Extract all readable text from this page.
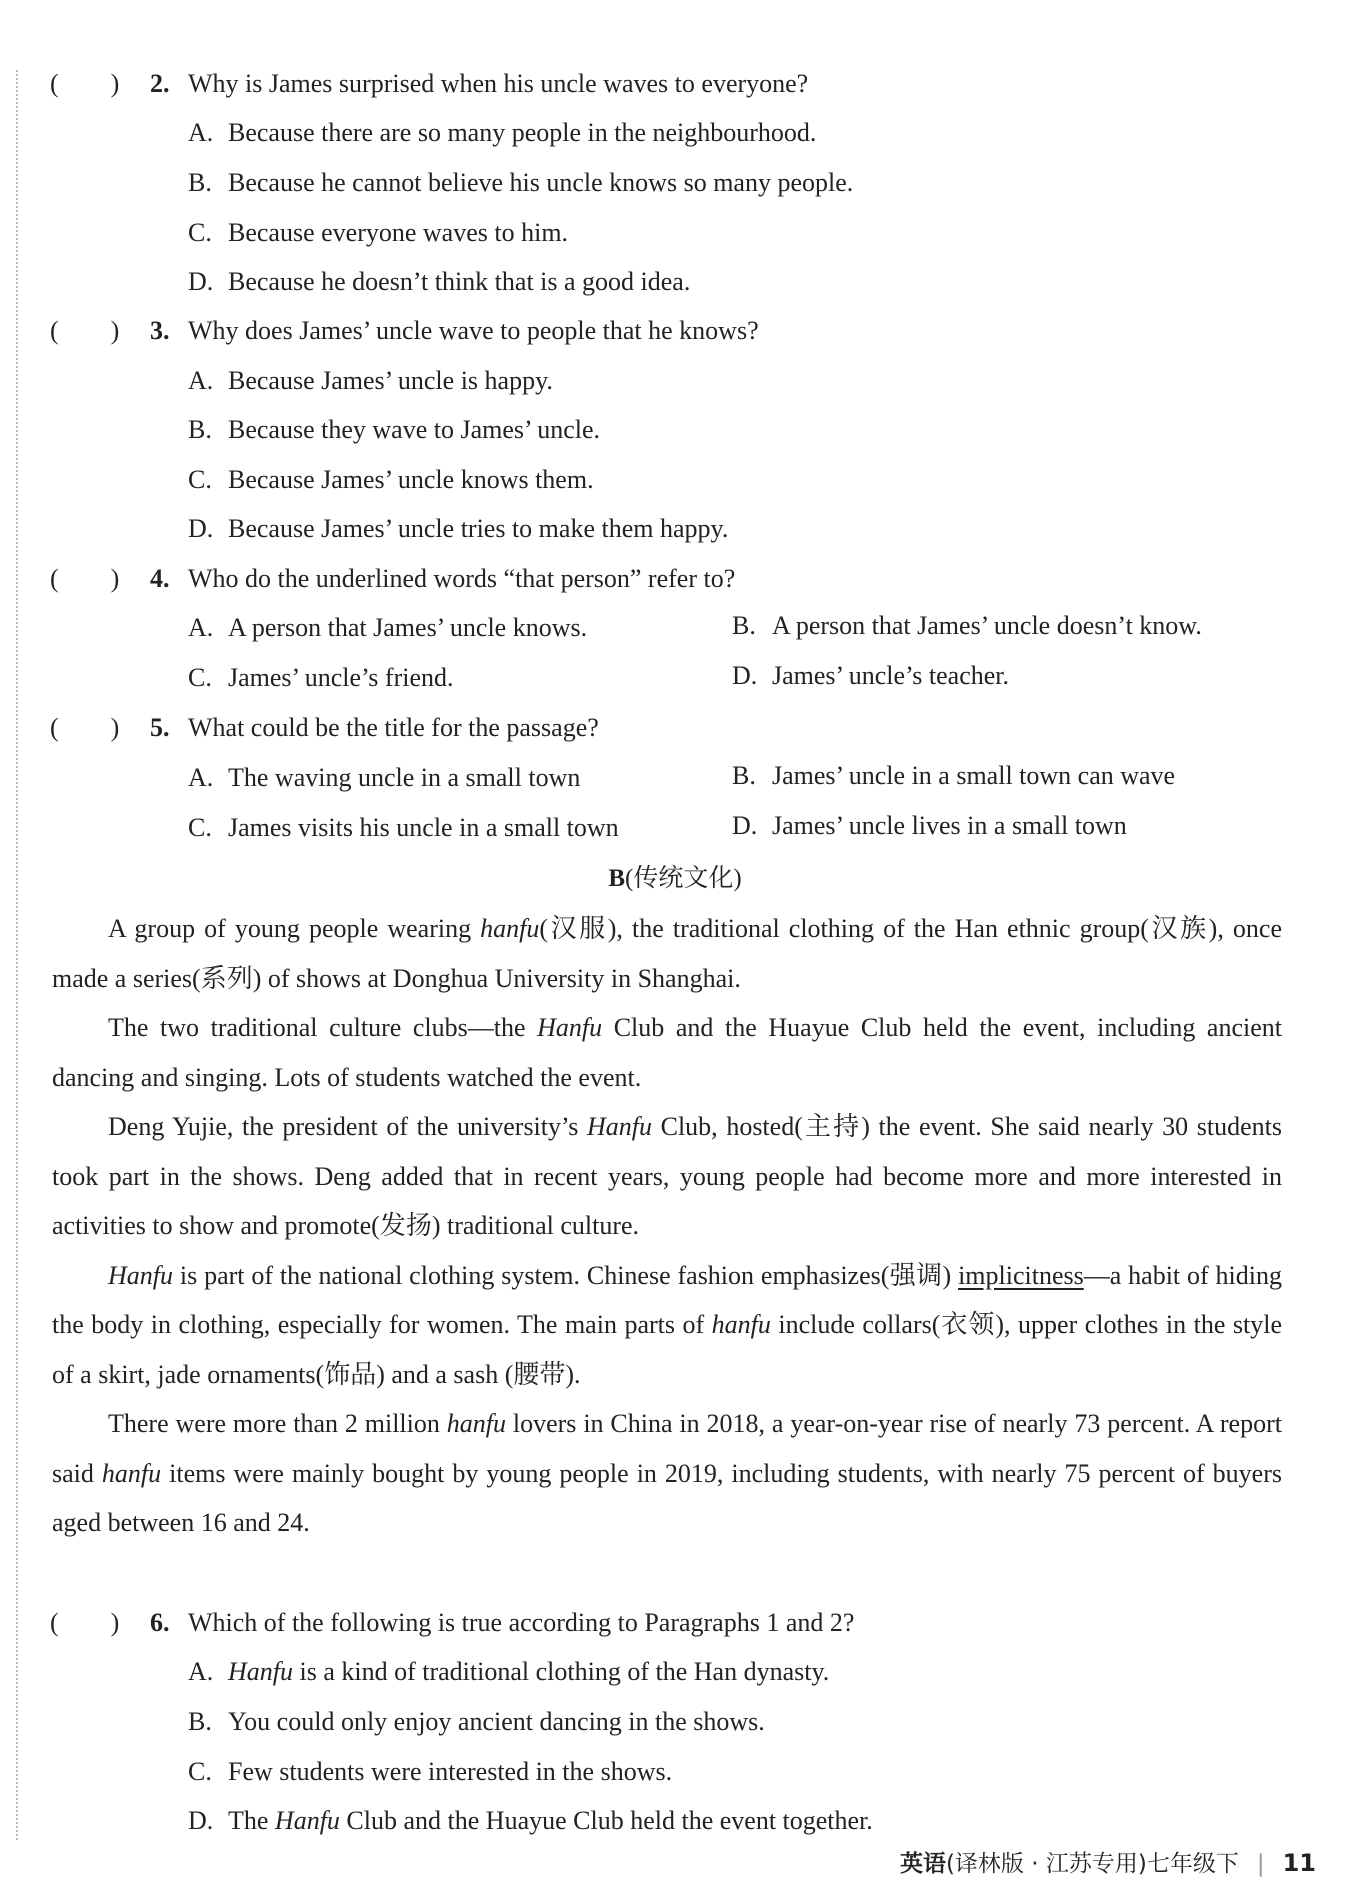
(　　) 2. Why is James surprised when his uncle waves to everyone?
A. Because there are so many people in the neighbourhood.
B. Because he cannot believe his uncle knows so many people.
C. Because everyone waves to him.
D. Because he doesn’t think that is a good idea.
(　　) 3. Why does James’ uncle wave to people that he knows?
A. Because James’ uncle is happy.
B. Because they wave to James’ uncle.
C. Because James’ uncle knows them.
D. Because James’ uncle tries to make them happy.
(　　) 4. Who do the underlined words “that person” refer to?
A. A person that James’ uncle knows.	B. A person that James’ uncle doesn’t know.
C. James’ uncle’s friend.	D. James’ uncle’s teacher.
(　　) 5. What could be the title for the passage?
A. The waving uncle in a small town	B. James’ uncle in a small town can wave
C. James visits his uncle in a small town	D. James’ uncle lives in a small town
B(传统文化)

A group of young people wearing hanfu(汉服), the traditional clothing of the Han ethnic group(汉族), once made a series(系列) of shows at Donghua University in Shanghai.

The two traditional culture clubs—the Hanfu Club and the Huayue Club held the event, including ancient dancing and singing. Lots of students watched the event.

Deng Yujie, the president of the university’s Hanfu Club, hosted(主持) the event. She said nearly 30 students took part in the shows. Deng added that in recent years, young people had become more and more interested in activities to show and promote(发扬) traditional culture.

Hanfu is part of the national clothing system. Chinese fashion emphasizes(强调) implicitness—a habit of hiding the body in clothing, especially for women. The main parts of hanfu include collars(衣领), upper clothes in the style of a skirt, jade ornaments(饰品) and a sash (腰带).

There were more than 2 million hanfu lovers in China in 2018, a year-on-year rise of nearly 73 percent. A report said hanfu items were mainly bought by young people in 2019, including students, with nearly 75 percent of buyers aged between 16 and 24.

(　　) 6. Which of the following is true according to Paragraphs 1 and 2?
A. Hanfu is a kind of traditional clothing of the Han dynasty.
B. You could only enjoy ancient dancing in the shows.
C. Few students were interested in the shows.
D. The Hanfu Club and the Huayue Club held the event together.
英语(译林版 · 江苏专用)七年级下 | 11
